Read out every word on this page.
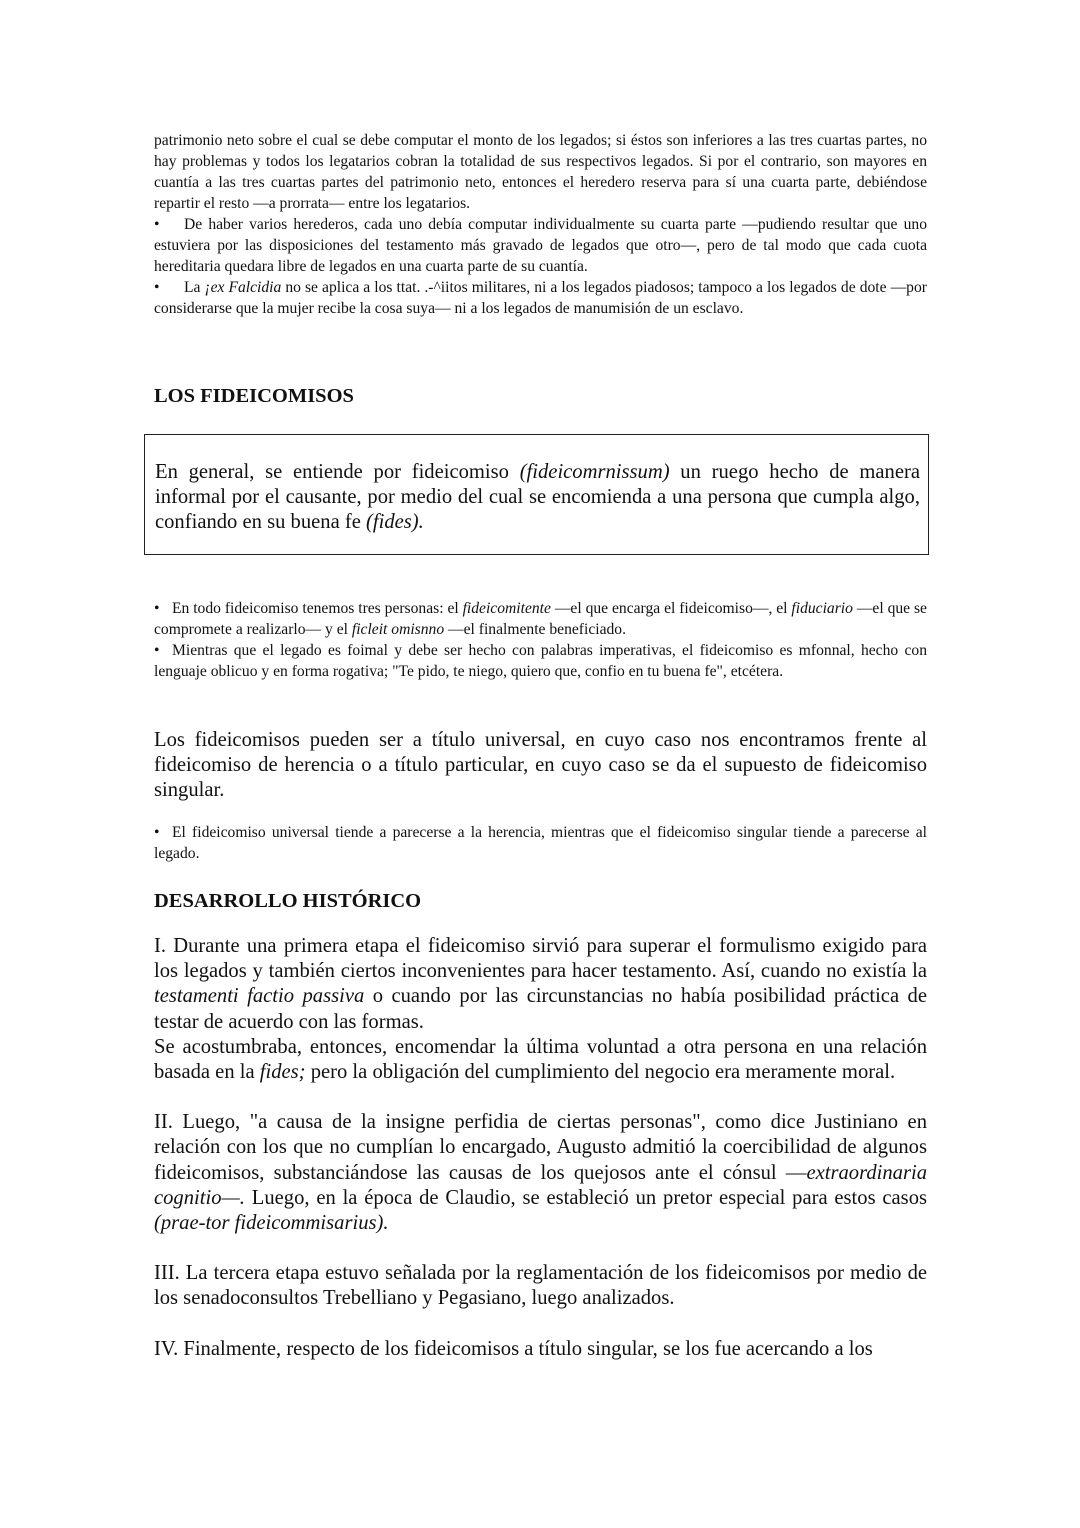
patrimonio neto sobre el cual se debe computar el monto de los legados; si éstos son inferiores a las tres cuartas partes, no hay problemas y todos los legatarios cobran la totalidad de sus respectivos legados. Si por el contrario, son mayores en cuantía a las tres cuartas partes del patrimonio neto, entonces el heredero reserva para sí una cuarta parte, debiéndose repartir el resto —a prorrata— entre los legatarios.

• De haber varios herederos, cada uno debía computar individualmente su cuarta parte —pudiendo resultar que uno estuviera por las disposiciones del testamento más gravado de legados que otro—, pero de tal modo que cada cuota hereditaria quedara libre de legados en una cuarta parte de su cuantía.

• La ¡ex Falcidia no se aplica a los ttat. .-^iitos militares, ni a los legados piadosos; tampoco a los legados de dote —por considerarse que la mujer recibe la cosa suya— ni a los legados de manumisión de un esclavo.

LOS FIDEICOMISOS
En general, se entiende por fideicomiso (fideicomrnissum) un ruego hecho de manera informal por el causante, por medio del cual se encomienda a una persona que cumpla algo, confiando en su buena fe (fides).

• En todo fideicomiso tenemos tres personas: el fideicomitente —el que encarga el fideicomiso—, el fiduciario —el que se compromete a realizarlo— y el ficleit omisnno —el finalmente beneficiado.

• Mientras que el legado es foimal y debe ser hecho con palabras imperativas, el fideicomiso es mfonnal, hecho con lenguaje oblicuo y en forma rogativa; "Te pido, te niego, quiero que, confio en tu buena fe", etcétera.

Los fideicomisos pueden ser a título universal, en cuyo caso nos encontramos frente al fideicomiso de herencia o a título particular, en cuyo caso se da el supuesto de fideicomiso singular.

• El fideicomiso universal tiende a parecerse a la herencia, mientras que el fideicomiso singular tiende a parecerse al legado.

DESARROLLO HISTÓRICO

I. Durante una primera etapa el fideicomiso sirvió para superar el formulismo exigido para los legados y también ciertos inconvenientes para hacer testamento. Así, cuando no existía la testamenti factio passiva o cuando por las circunstancias no había posibilidad práctica de testar de acuerdo con las formas.

Se acostumbraba, entonces, encomendar la última voluntad a otra persona en una relación basada en la fides; pero la obligación del cumplimiento del negocio era meramente moral.

II. Luego, "a causa de la insigne perfidia de ciertas personas", como dice Justiniano en relación con los que no cumplían lo encargado, Augusto admitió la coercibilidad de algunos fideicomisos, substanciándose las causas de los quejosos ante el cónsul —extraordinaria cognitio—. Luego, en la época de Claudio, se estableció un pretor especial para estos casos (prae-tor fideicommisarius).

III. La tercera etapa estuvo señalada por la reglamentación de los fideicomisos por medio de los senadoconsultos Trebelliano y Pegasiano, luego analizados.

IV. Finalmente, respecto de los fideicomisos a título singular, se los fue acercando a los
